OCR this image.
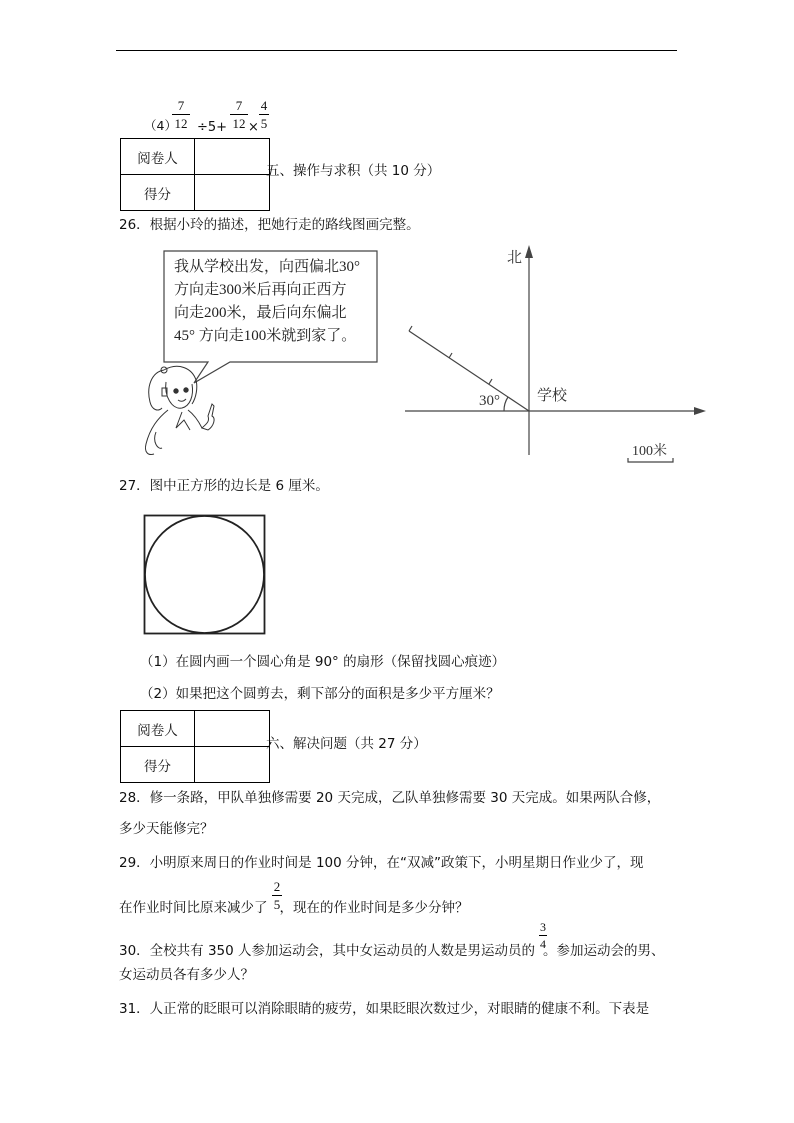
（4）
7
12 ÷5+
7
12 ×
4
5
阅卷人	
得分	
五、操作与求积（共 10 分）
26．根据小玲的描述，把她行走的路线图画完整。
我从学校出发，向西偏北30°
方向走300米后再向正西方
向走200米，最后向东偏北
45° 方向走100米就到家了。
北
学校
30°
100米
27．图中正方形的边长是 6 厘米。
（1）在圆内画一个圆心角是 90° 的扇形（保留找圆心痕迹）
（2）如果把这个圆剪去，剩下部分的面积是多少平方厘米？
阅卷人	
得分	
六、解决问题（共 27 分）
28．修一条路，甲队单独修需要 20 天完成，乙队单独修需要 30 天完成。如果两队合修，
多少天能修完？
29．小明原来周日的作业时间是 100 分钟，在“双减”政策下，小明星期日作业少了，现
在作业时间比原来减少了 ，现在的作业时间是多少分钟？
2
5
30．全校共有 350 人参加运动会，其中女运动员的人数是男运动员的 。参加运动会的男、
3
4
女运动员各有多少人？
31．人正常的眨眼可以消除眼睛的疲劳，如果眨眼次数过少，对眼睛的健康不利。下表是
